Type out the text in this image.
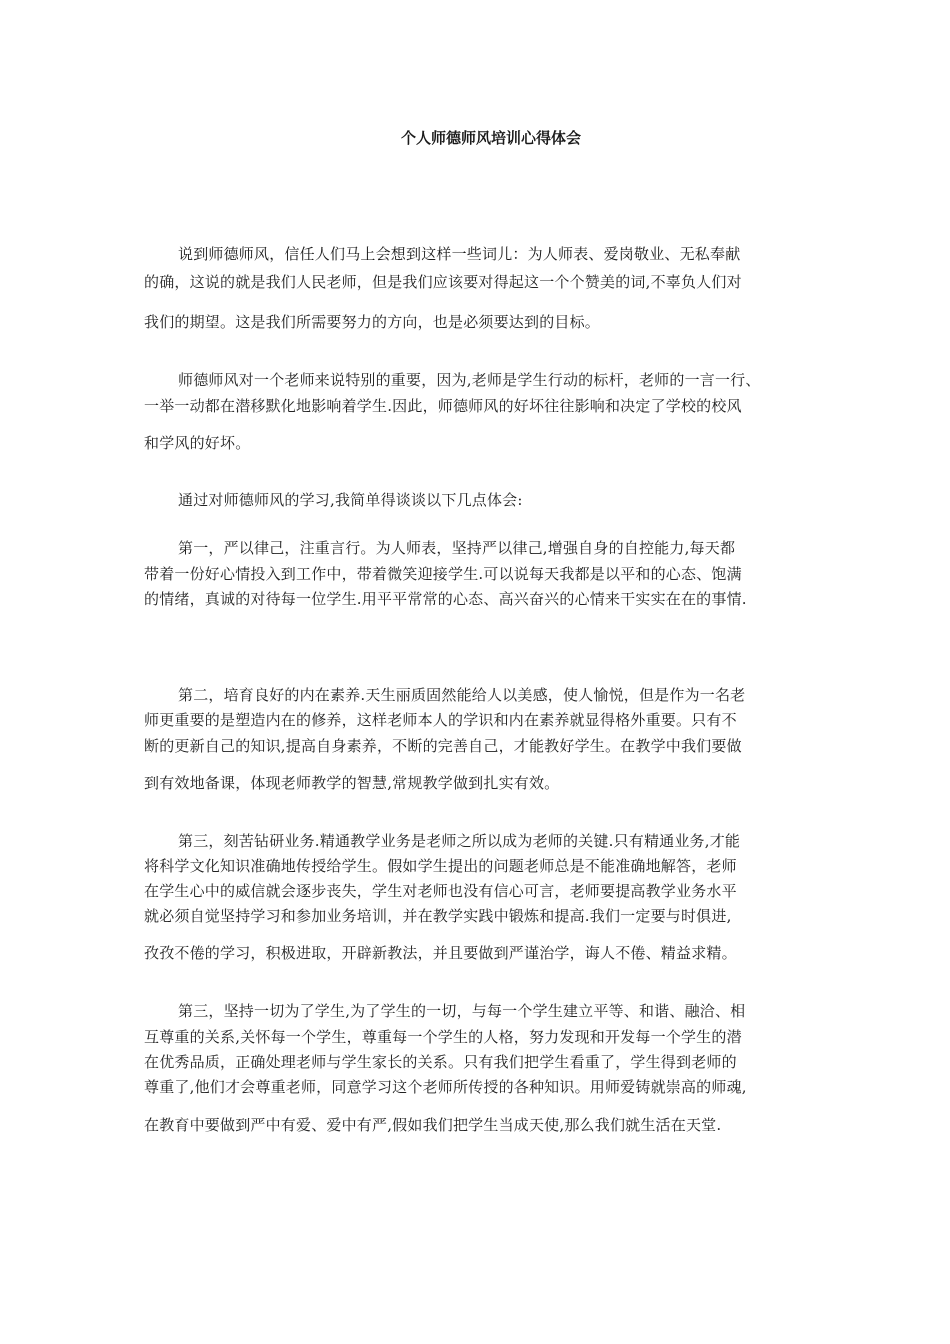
个人师德师风培训心得体会
说到师德师风，信任人们马上会想到这样一些词儿：为人师表、爱岗敬业、无私奉献
的确，这说的就是我们人民老师，但是我们应该要对得起这一个个赞美的词,不辜负人们对
我们的期望。这是我们所需要努力的方向，也是必须要达到的目标。
师德师风对一个老师来说特别的重要，因为,老师是学生行动的标杆，老师的一言一行、
一举一动都在潜移默化地影响着学生.因此，师德师风的好坏往往影响和决定了学校的校风
和学风的好坏。
通过对师德师风的学习,我简单得谈谈以下几点体会:
第一，严以律己，注重言行。为人师表，坚持严以律己,增强自身的自控能力,每天都
带着一份好心情投入到工作中，带着微笑迎接学生.可以说每天我都是以平和的心态、饱满
的情绪，真诚的对待每一位学生.用平平常常的心态、高兴奋兴的心情来干实实在在的事情.
第二，培育良好的内在素养.天生丽质固然能给人以美感，使人愉悦，但是作为一名老
师更重要的是塑造内在的修养，这样老师本人的学识和内在素养就显得格外重要。只有不
断的更新自己的知识,提高自身素养，不断的完善自己，才能教好学生。在教学中我们要做
到有效地备课，体现老师教学的智慧,常规教学做到扎实有效。
第三，刻苦钻研业务.精通教学业务是老师之所以成为老师的关键.只有精通业务,才能
将科学文化知识准确地传授给学生。假如学生提出的问题老师总是不能准确地解答，老师
在学生心中的威信就会逐步丧失，学生对老师也没有信心可言，老师要提高教学业务水平
就必须自觉坚持学习和参加业务培训，并在教学实践中锻炼和提高.我们一定要与时俱进,
孜孜不倦的学习，积极进取，开辟新教法，并且要做到严谨治学，诲人不倦、精益求精。
第三，坚持一切为了学生,为了学生的一切，与每一个学生建立平等、和谐、融洽、相
互尊重的关系,关怀每一个学生，尊重每一个学生的人格，努力发现和开发每一个学生的潜
在优秀品质，正确处理老师与学生家长的关系。只有我们把学生看重了，学生得到老师的
尊重了,他们才会尊重老师，同意学习这个老师所传授的各种知识。用师爱铸就崇高的师魂,
在教育中要做到严中有爱、爱中有严,假如我们把学生当成天使,那么我们就生活在天堂.
